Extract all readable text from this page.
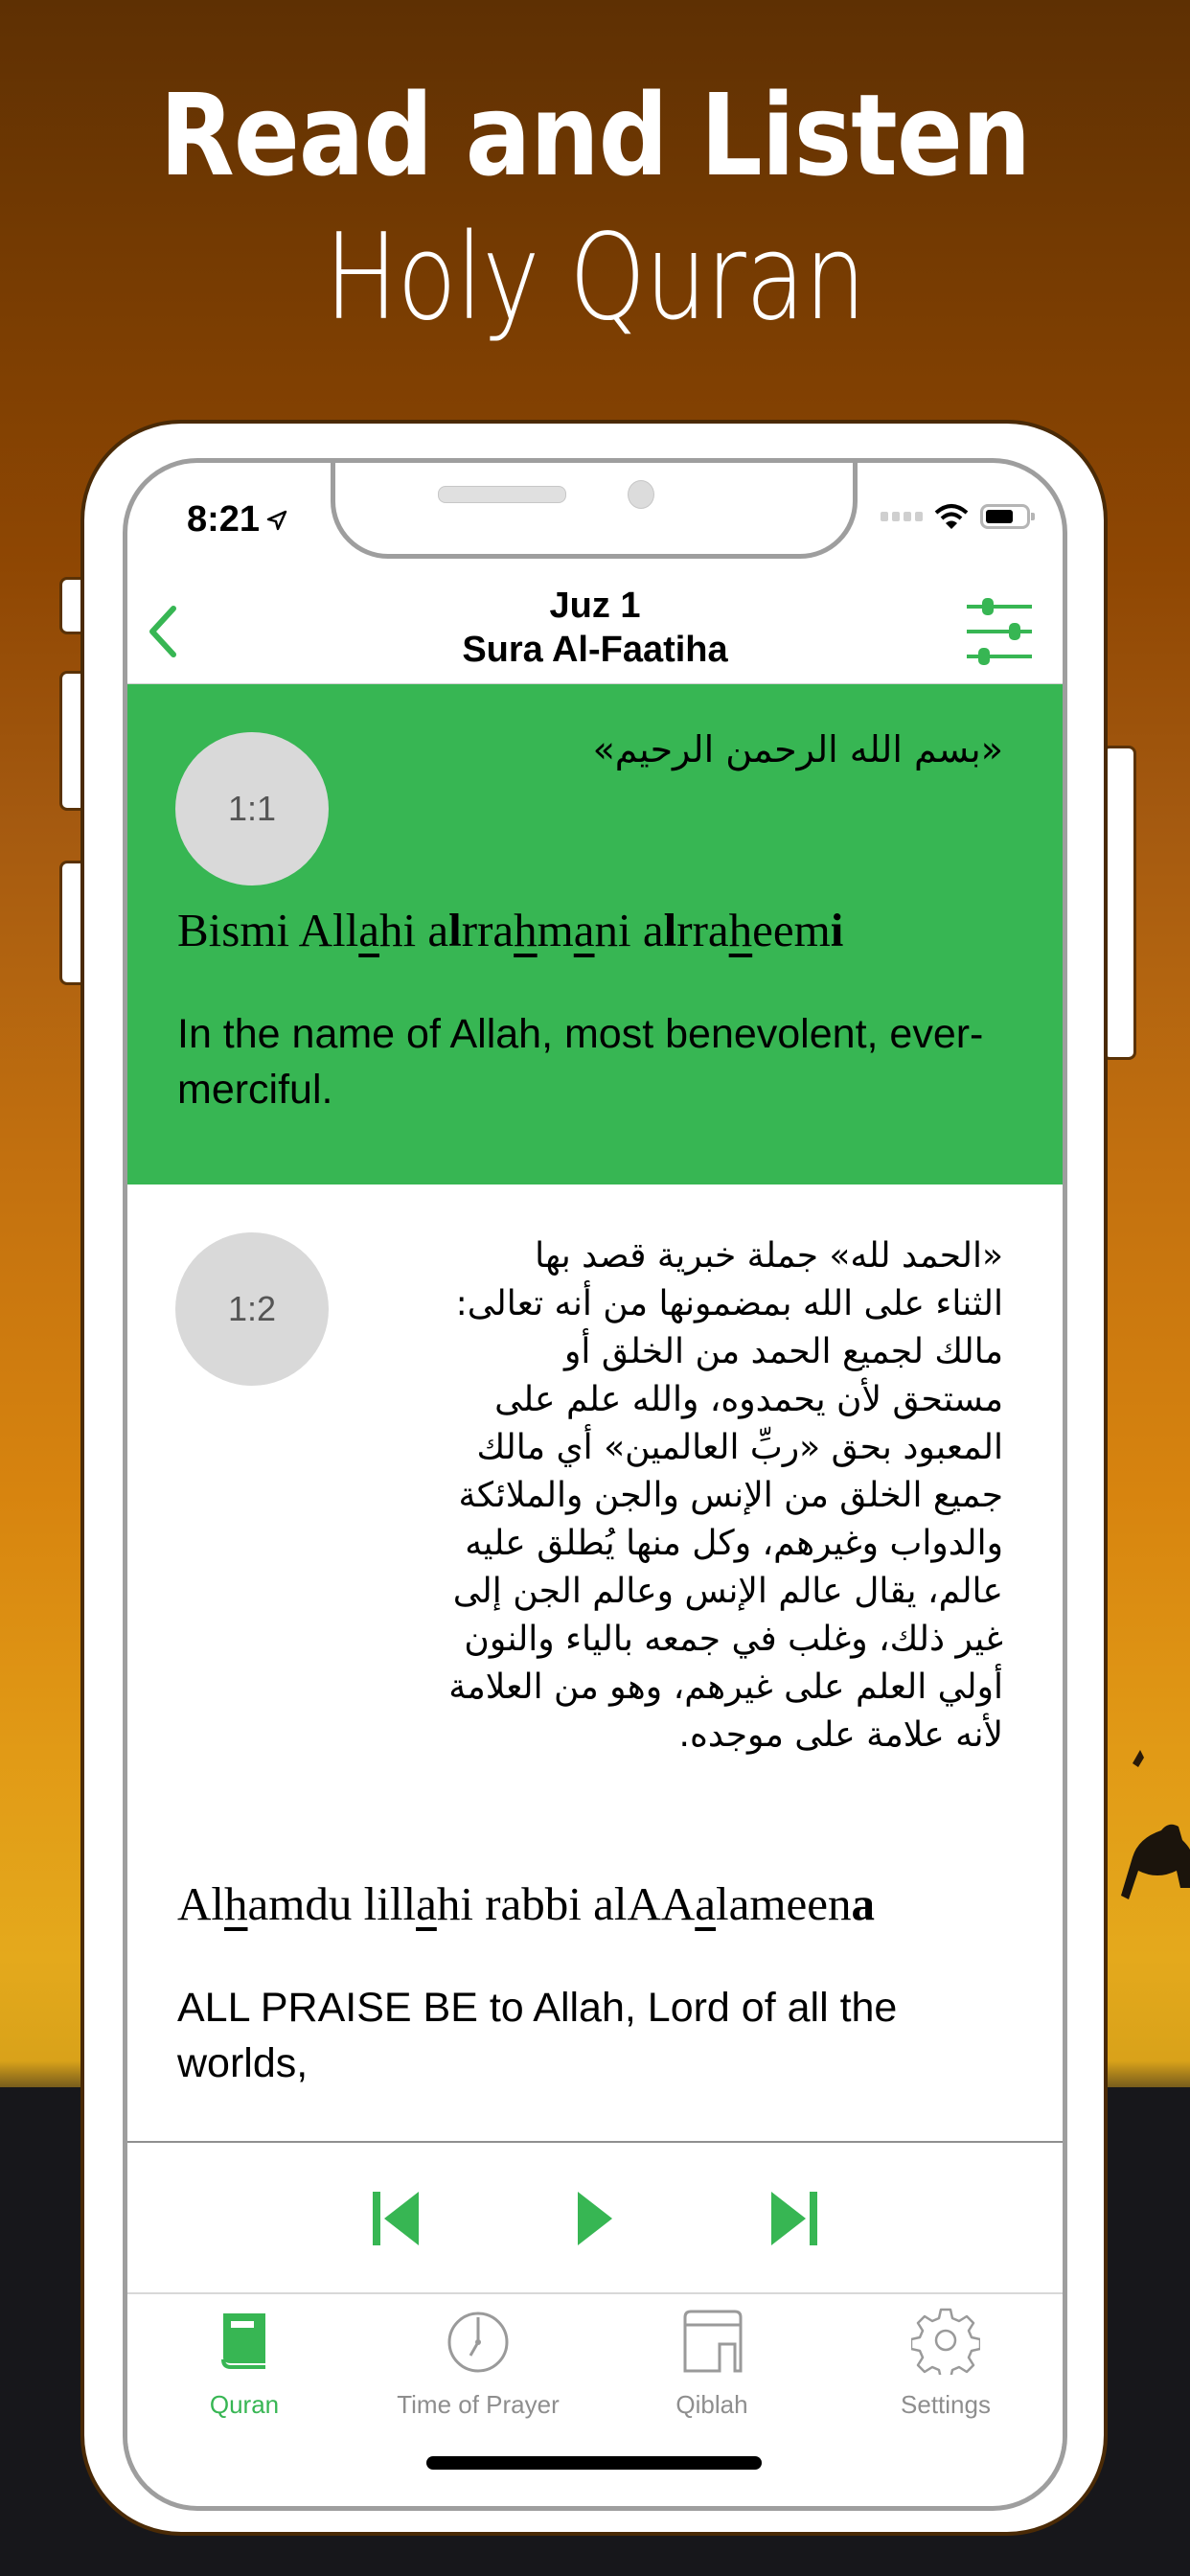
Read and Listen
Holy Quran
8:21
Juz 1
Sura Al-Faatiha
1:1
«بسم الله الرحمن الرحيم»
Bismi Allahi alrrahmani alrraheemi
In the name of Allah, most benevolent, ever-merciful.
1:2
«الحمد لله» جملة خبرية قصد بها
الثناء على الله بمضمونها من أنه تعالى:
مالك لجميع الحمد من الخلق أو
مستحق لأن يحمدوه، والله علم على
المعبود بحق «ربِّ العالمين» أي مالك
جميع الخلق من الإنس والجن والملائكة
والدواب وغيرهم، وكل منها يُطلق عليه
عالم، يقال عالم الإنس وعالم الجن إلى
غير ذلك، وغلب في جمعه بالياء والنون
أولي العلم على غيرهم، وهو من العلامة
لأنه علامة على موجده.
Alhamdu lillahi rabbi alAAalameena
ALL PRAISE BE to Allah, Lord of all the worlds,
Quran	Time of Prayer	Qiblah	Settings
